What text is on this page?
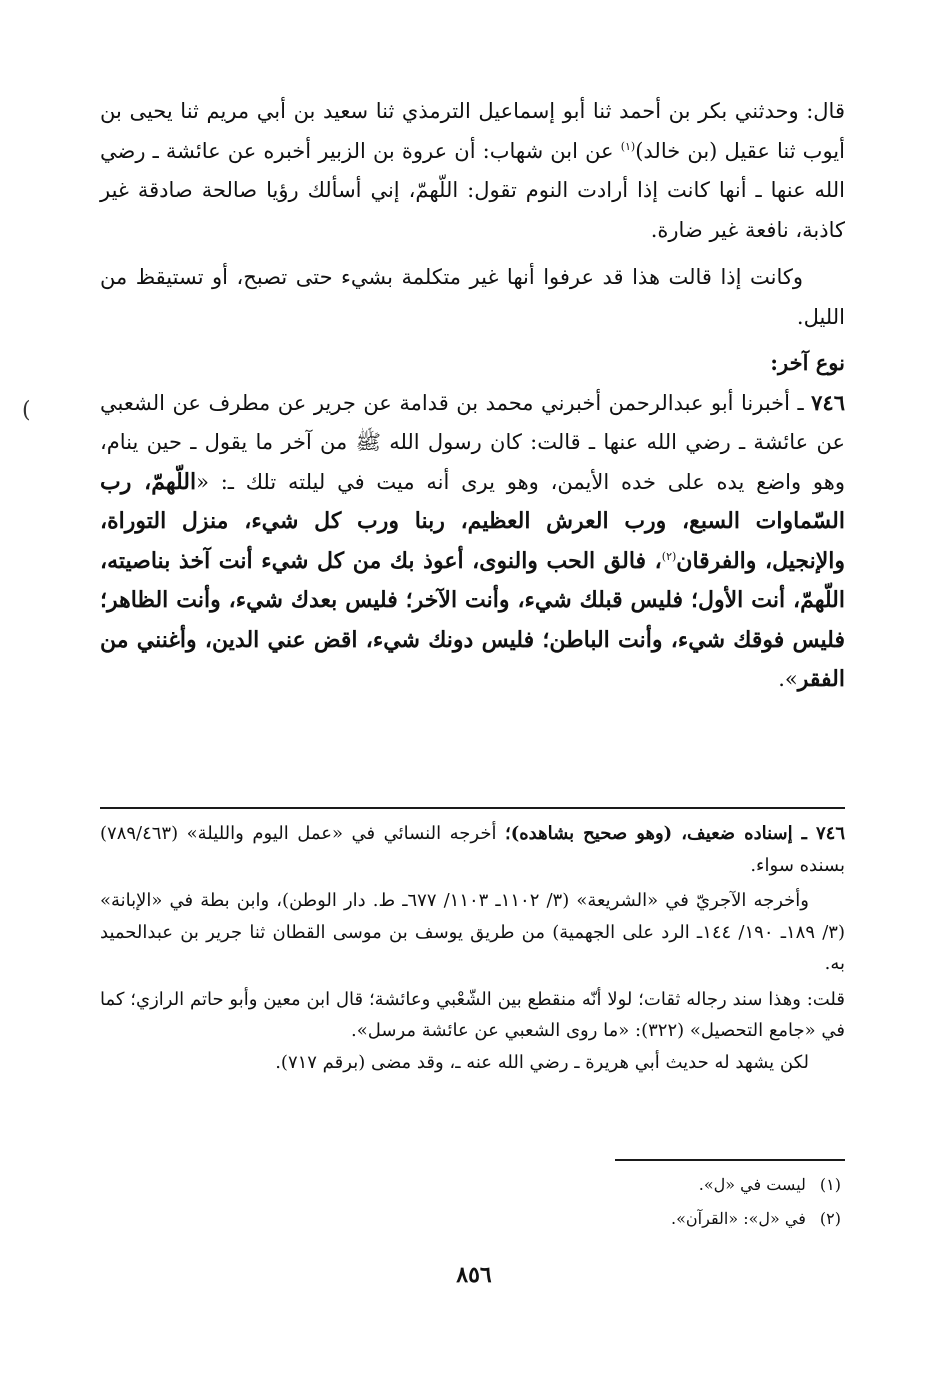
قال: وحدثني بكر بن أحمد ثنا أبو إسماعيل الترمذي ثنا سعيد بن أبي مريم ثنا يحيى بن أيوب ثنا عقيل (بن خالد)$^{(١)}$ عن ابن شهاب: أن عروة بن الزبير أخبره عن عائشة ـ رضي الله عنها ـ أنها كانت إذا أرادت النوم تقول: اللّهمّ، إني أسألك رؤيا صالحة صادقة غير كاذبة، نافعة غير ضارة.

وكانت إذا قالت هذا قد عرفوا أنها غير متكلمة بشيء حتى تصبح، أو تستيقظ من الليل.

نوع آخر:

٧٤٦ ـ أخبرنا أبو عبدالرحمن أخبرني محمد بن قدامة عن جرير عن مطرف عن الشعبي عن عائشة ـ رضي الله عنها ـ قالت: كان رسول الله ﷺ من آخر ما يقول ـ حين ينام، وهو واضع يده على خده الأيمن، وهو يرى أنه ميت في ليلته تلك ـ: «اللّهمّ، رب السّماوات السبع، ورب العرش العظيم، ربنا ورب كل شيء، منزل التوراة، والإنجيل، والفرقان$^{(٢)}$، فالق الحب والنوى، أعوذ بك من كل شيء أنت آخذ بناصيته، اللّهمّ، أنت الأول؛ فليس قبلك شيء، وأنت الآخر؛ فليس بعدك شيء، وأنت الظاهر؛ فليس فوقك شيء، وأنت الباطن؛ فليس دونك شيء، اقض عني الدين، وأغنني من الفقر».

(

٧٤٦ ـ إسناده ضعيف، (وهو صحيح بشاهده)؛ أخرجه النسائي في «عمل اليوم والليلة» (٧٨٩/٤٦٣) بسنده سواء.

وأخرجه الآجريّ في «الشريعة» (٣/ ١١٠٢ـ ١١٠٣/ ٦٧٧ـ ط. دار الوطن)، وابن بطة في «الإبانة» (٣/ ١٨٩ـ ١٩٠/ ١٤٤ـ الرد على الجهمية) من طريق يوسف بن موسى القطان ثنا جرير بن عبدالحميد به.

قلت: وهذا سند رجاله ثقات؛ لولا أنّه منقطع بين الشّعْبي وعائشة؛ قال ابن معين وأبو حاتم الرازي؛ كما في «جامع التحصيل» (٣٢٢): «ما روى الشعبي عن عائشة مرسل».

لكن يشهد له حديث أبي هريرة ـ رضي الله عنه ـ، وقد مضى (برقم ٧١٧).

(١)ليست في «ل».
(٢)في «ل»: «القرآن».
٨٥٦
